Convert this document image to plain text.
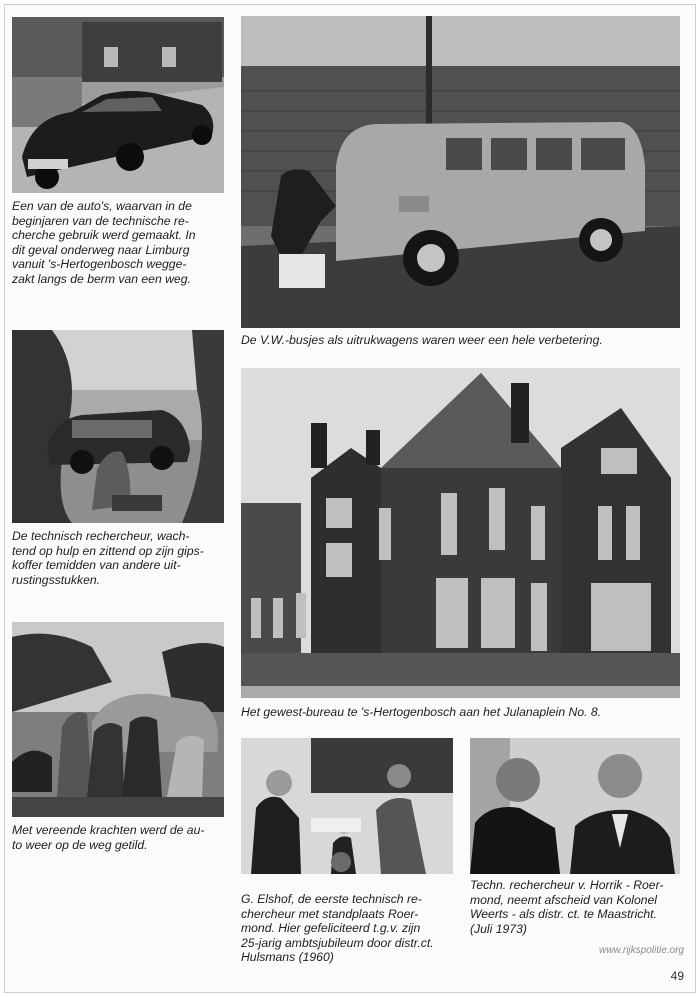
Een van de auto's, waarvan in de
beginjaren van de technische re-
cherche gebruik werd gemaakt. In
dit geval onderweg naar Limburg
vanuit 's-Hertogenbosch wegge-
zakt langs de berm van een weg.

De V.W.-busjes als uitrukwagens waren weer een hele verbetering.

De technisch rechercheur, wach-
tend op hulp en zittend op zijn gips-
koffer temidden van andere uit-
rustingsstukken.

Het gewest-bureau te 's-Hertogenbosch aan het Julanaplein No. 8.

Met vereende krachten werd de au-
to weer op de weg getild.

G. Elshof, de eerste technisch re-
chercheur met standplaats Roer-
mond. Hier gefeliciteerd t.g.v. zijn
25-jarig ambtsjubileum door distr.ct.
Hulsmans (1960)

Techn. rechercheur v. Horrik - Roer-
mond, neemt afscheid van Kolonel
Weerts - als distr. ct. te Maastricht.
(Juli 1973)

www.rijkspolitie.org
49
